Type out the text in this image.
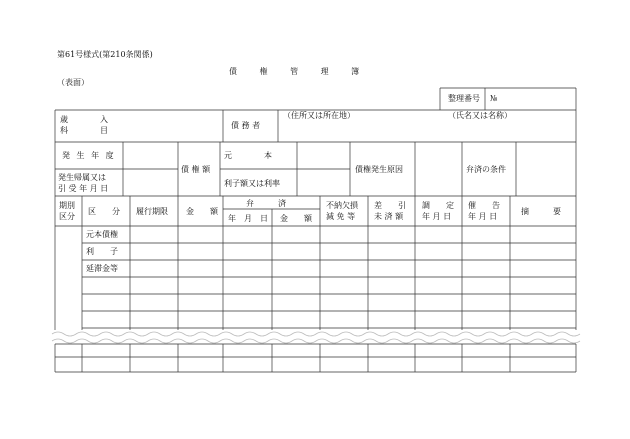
第61号様式(第210条関係)
債 権 管 理 簿
（表面）
整理番号 №
歳　　　　入
科　　　　目
債 務 者
（住所又は所在地）	（氏名又は名称）
発 生 年 度
発生帰属又は
引 受 年 月 日
債 権 額
元　　　　本
利子額又は利率
債権発生原因	弁済の条件
期別
区分
区　　分 履行期限 金　　額
弁　　　済
年　月　日 金　　額
不納欠損
減 免 等
差　　引
未 済 額
調　　定
年 月 日
催　　告
年 月 日
摘　　　要
元本債権
利　　子
延滞金等
